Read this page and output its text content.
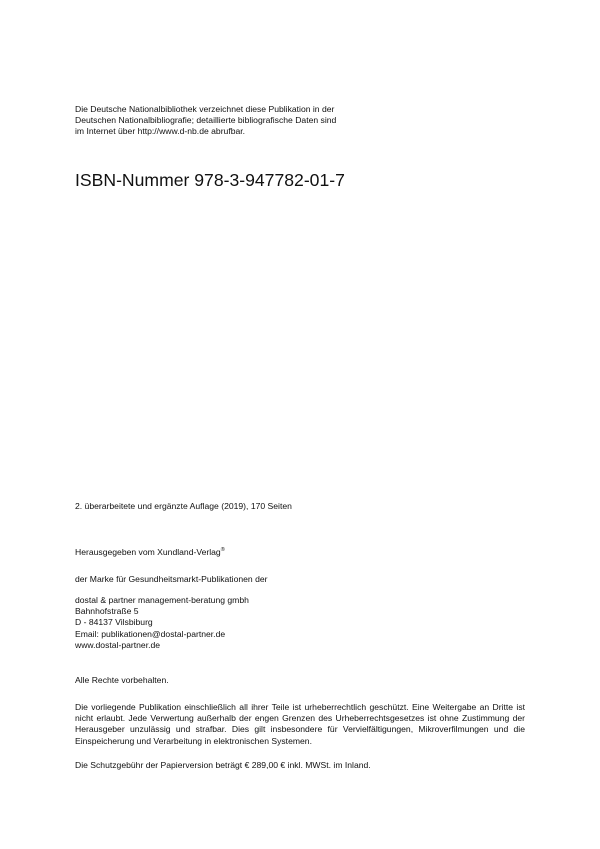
Die Deutsche Nationalbibliothek verzeichnet diese Publikation in der
Deutschen Nationalbibliografie; detaillierte bibliografische Daten sind
im Internet über http://www.d-nb.de abrufbar.

ISBN-Nummer 978-3-947782-01-7

2. überarbeitete und ergänzte Auflage (2019), 170 Seiten

Herausgegeben vom Xundland-Verlag®

der Marke für Gesundheitsmarkt-Publikationen der

dostal & partner management-beratung gmbh
Bahnhofstraße 5
D - 84137 Vilsbiburg
Email: publikationen@dostal-partner.de
www.dostal-partner.de

Alle Rechte vorbehalten.

Die vorliegende Publikation einschließlich all ihrer Teile ist urheberrechtlich geschützt. Eine Weitergabe an Dritte ist nicht erlaubt. Jede Verwertung außerhalb der engen Grenzen des Urheberrechtsgesetzes ist ohne Zustimmung der Herausgeber unzulässig und strafbar. Dies gilt insbesondere für Vervielfältigungen, Mikroverfilmungen und die Einspeicherung und Verarbeitung in elektronischen Systemen.

Die Schutzgebühr der Papierversion beträgt € 289,00 € inkl. MWSt. im Inland.
